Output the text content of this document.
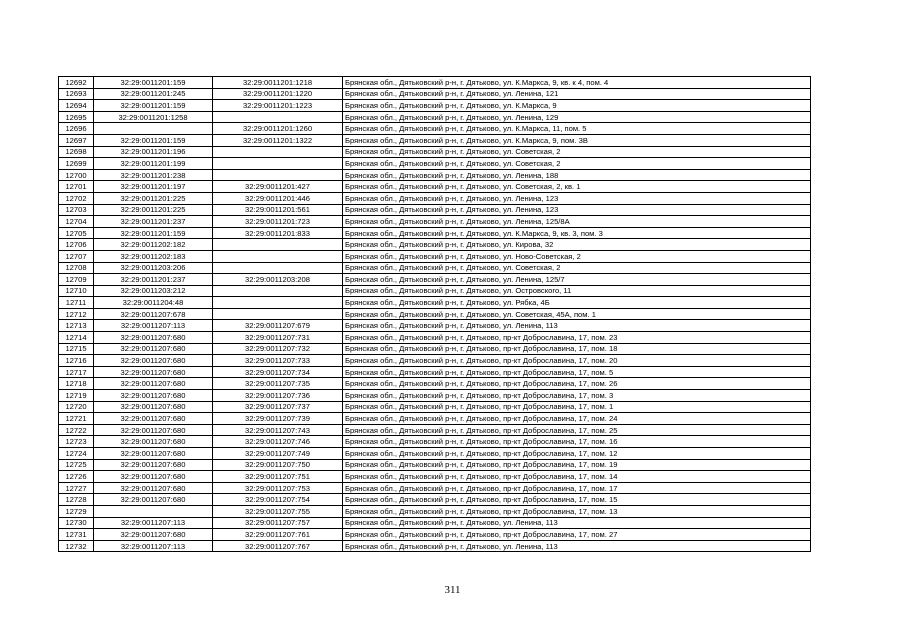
12692	32:29:0011201:159	32:29:0011201:1218	Брянская обл., Дятьковский р-н, г. Дятьково, ул. К.Маркса, 9, кв. к 4, пом. 4
12693	32:29:0011201:245	32:29:0011201:1220	Брянская обл., Дятьковский р-н, г. Дятьково, ул. Ленина, 121
12694	32:29:0011201:159	32:29:0011201:1223	Брянская обл., Дятьковский р-н, г. Дятьково, ул. К.Маркса, 9
12695	32:29:0011201:1258		Брянская обл., Дятьковский р-н, г. Дятьково, ул. Ленина, 129
12696		32:29:0011201:1260	Брянская обл., Дятьковский р-н, г. Дятьково, ул. К.Маркса, 11, пом. 5
12697	32:29:0011201:159	32:29:0011201:1322	Брянская обл., Дятьковский р-н, г. Дятьково, ул. К.Маркса, 9, пом. 3В
12698	32:29:0011201:196		Брянская обл., Дятьковский р-н, г. Дятьково, ул. Советская, 2
12699	32:29:0011201:199		Брянская обл., Дятьковский р-н, г. Дятьково, ул. Советская, 2
12700	32:29:0011201:238		Брянская обл., Дятьковский р-н, г. Дятьково, ул. Ленина, 188
12701	32:29:0011201:197	32:29:0011201:427	Брянская обл., Дятьковский р-н, г. Дятьково, ул. Советская, 2, кв. 1
12702	32:29:0011201:225	32:29:0011201:446	Брянская обл., Дятьковский р-н, г. Дятьково, ул. Ленина, 123
12703	32:29:0011201:225	32:29:0011201:561	Брянская обл., Дятьковский р-н, г. Дятьково, ул. Ленина, 123
12704	32:29:0011201:237	32:29:0011201:723	Брянская обл., Дятьковский р-н, г. Дятьково, ул. Ленина, 125/8А
12705	32:29:0011201:159	32:29:0011201:833	Брянская обл., Дятьковский р-н, г. Дятьково, ул. К.Маркса, 9, кв. 3, пом. 3
12706	32:29:0011202:182		Брянская обл., Дятьковский р-н, г. Дятьково, ул. Кирова, 32
12707	32:29:0011202:183		Брянская обл., Дятьковский р-н, г. Дятьково, ул. Ново-Советская, 2
12708	32:29:0011203:206		Брянская обл., Дятьковский р-н, г. Дятьково, ул. Советская, 2
12709	32:29:0011201:237	32:29:0011203:208	Брянская обл., Дятьковский р-н, г. Дятьково, ул. Ленина, 125/7
12710	32:29:0011203:212		Брянская обл., Дятьковский р-н, г. Дятьково, ул. Островского, 11
12711	32:29:0011204:48		Брянская обл., Дятьковский р-н, г. Дятьково, ул. Рябка, 4Б
12712	32:29:0011207:678		Брянская обл., Дятьковский р-н, г. Дятьково, ул. Советская, 45А, пом. 1
12713	32:29:0011207:113	32:29:0011207:679	Брянская обл., Дятьковский р-н, г. Дятьково, ул. Ленина, 113
12714	32:29:0011207:680	32:29:0011207:731	Брянская обл., Дятьковский р-н, г. Дятьково, пр-кт Доброславина, 17, пом. 23
12715	32:29:0011207:680	32:29:0011207:732	Брянская обл., Дятьковский р-н, г. Дятьково, пр-кт Доброславина, 17, пом. 18
12716	32:29:0011207:680	32:29:0011207:733	Брянская обл., Дятьковский р-н, г. Дятьково, пр-кт Доброславина, 17, пом. 20
12717	32:29:0011207:680	32:29:0011207:734	Брянская обл., Дятьковский р-н, г. Дятьково, пр-кт Доброславина, 17, пом. 5
12718	32:29:0011207:680	32:29:0011207:735	Брянская обл., Дятьковский р-н, г. Дятьково, пр-кт Доброславина, 17, пом. 26
12719	32:29:0011207:680	32:29:0011207:736	Брянская обл., Дятьковский р-н, г. Дятьково, пр-кт Доброславина, 17, пом. 3
12720	32:29:0011207:680	32:29:0011207:737	Брянская обл., Дятьковский р-н, г. Дятьково, пр-кт Доброславина, 17, пом. 1
12721	32:29:0011207:680	32:29:0011207:739	Брянская обл., Дятьковский р-н, г. Дятьково, пр-кт Доброславина, 17, пом. 24
12722	32:29:0011207:680	32:29:0011207:743	Брянская обл., Дятьковский р-н, г. Дятьково, пр-кт Доброславина, 17, пом. 25
12723	32:29:0011207:680	32:29:0011207:746	Брянская обл., Дятьковский р-н, г. Дятьково, пр-кт Доброславина, 17, пом. 16
12724	32:29:0011207:680	32:29:0011207:749	Брянская обл., Дятьковский р-н, г. Дятьково, пр-кт Доброславина, 17, пом. 12
12725	32:29:0011207:680	32:29:0011207:750	Брянская обл., Дятьковский р-н, г. Дятьково, пр-кт Доброславина, 17, пом. 19
12726	32:29:0011207:680	32:29:0011207:751	Брянская обл., Дятьковский р-н, г. Дятьково, пр-кт Доброславина, 17, пом. 14
12727	32:29:0011207:680	32:29:0011207:753	Брянская обл., Дятьковский р-н, г. Дятьково, пр-кт Доброславина, 17, пом. 17
12728	32:29:0011207:680	32:29:0011207:754	Брянская обл., Дятьковский р-н, г. Дятьково, пр-кт Доброславина, 17, пом. 15
12729		32:29:0011207:755	Брянская обл., Дятьковский р-н, г. Дятьково, пр-кт Доброславина, 17, пом. 13
12730	32:29:0011207:113	32:29:0011207:757	Брянская обл., Дятьковский р-н, г. Дятьково, ул. Ленина, 113
12731	32:29:0011207:680	32:29:0011207:761	Брянская обл., Дятьковский р-н, г. Дятьково, пр-кт Доброславина, 17, пом. 27
12732	32:29:0011207:113	32:29:0011207:767	Брянская обл., Дятьковский р-н, г. Дятьково, ул. Ленина, 113
311
